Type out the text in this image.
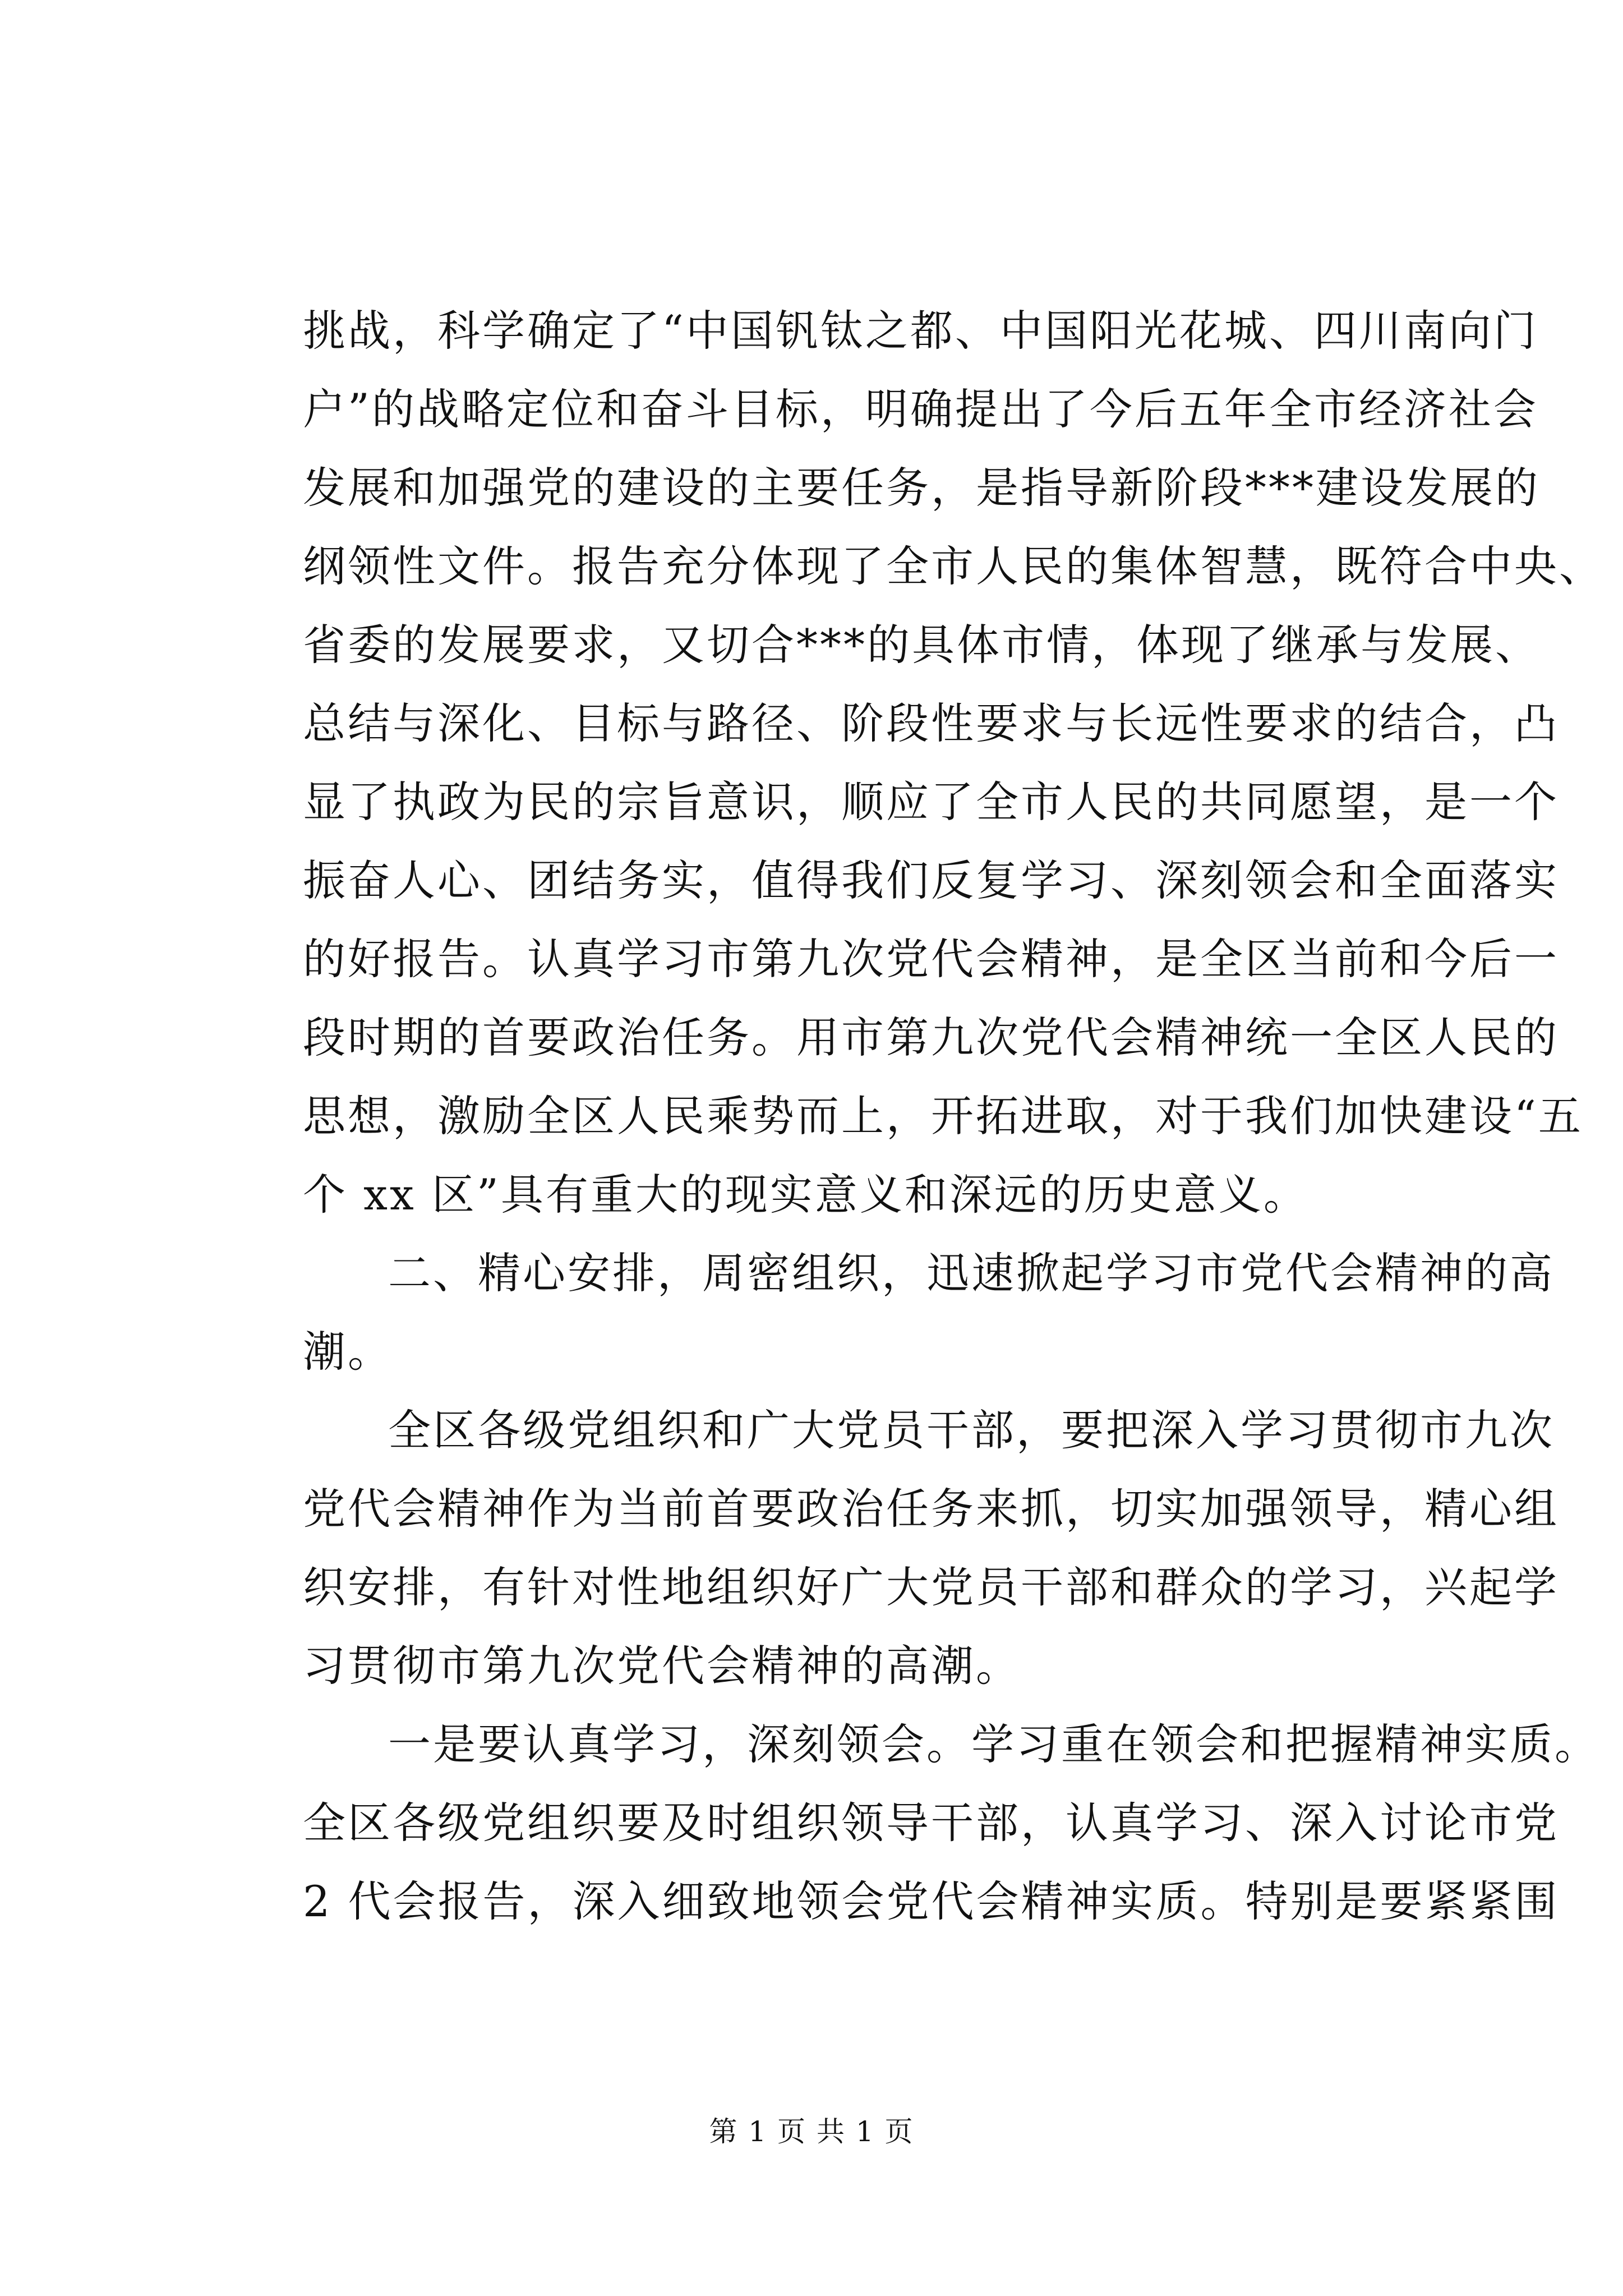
挑战，科学确定了“中国钒钛之都、中国阳光花城、四川南向门
户”的战略定位和奋斗目标，明确提出了今后五年全市经济社会
发展和加强党的建设的主要任务，是指导新阶段***建设发展的
纲领性文件。报告充分体现了全市人民的集体智慧，既符合中央、
省委的发展要求，又切合***的具体市情，体现了继承与发展、
总结与深化、目标与路径、阶段性要求与长远性要求的结合，凸
显了执政为民的宗旨意识，顺应了全市人民的共同愿望，是一个
振奋人心、团结务实，值得我们反复学习、深刻领会和全面落实
的好报告。认真学习市第九次党代会精神，是全区当前和今后一
段时期的首要政治任务。用市第九次党代会精神统一全区人民的
思想，激励全区人民乘势而上，开拓进取，对于我们加快建设“五
个 xx 区”具有重大的现实意义和深远的历史意义。
二、精心安排，周密组织，迅速掀起学习市党代会精神的高
潮。
全区各级党组织和广大党员干部，要把深入学习贯彻市九次
党代会精神作为当前首要政治任务来抓，切实加强领导，精心组
织安排，有针对性地组织好广大党员干部和群众的学习，兴起学
习贯彻市第九次党代会精神的高潮。
一是要认真学习，深刻领会。学习重在领会和把握精神实质。
全区各级党组织要及时组织领导干部，认真学习、深入讨论市党
2 代会报告，深入细致地领会党代会精神实质。特别是要紧紧围
第 1 页 共 1 页
